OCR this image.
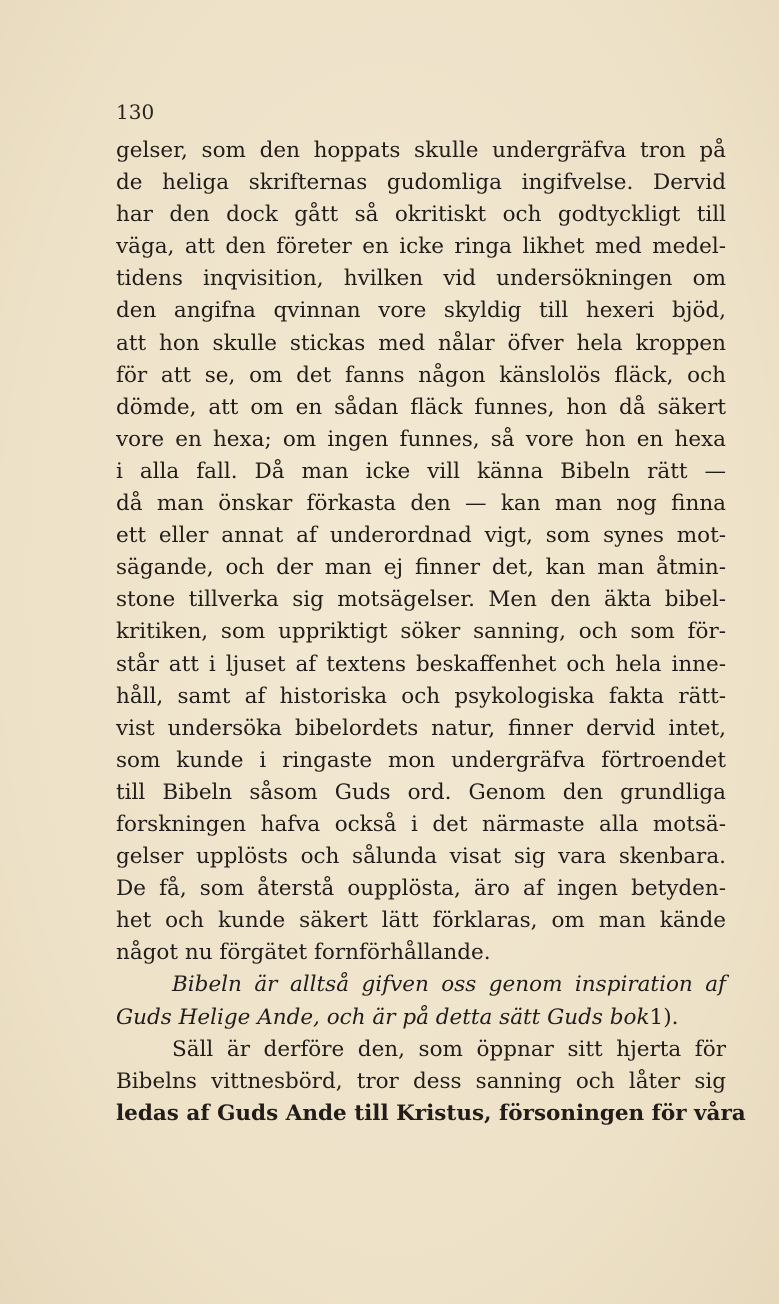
130
gelser, som den hoppats skulle undergräfva tron på
de heliga skrifternas gudomliga ingifvelse. Dervid
har den dock gått så okritiskt och godtyckligt till
väga, att den företer en icke ringa likhet med medel-
tidens inqvisition, hvilken vid undersökningen om
den angifna qvinnan vore skyldig till hexeri bjöd,
att hon skulle stickas med nålar öfver hela kroppen
för att se, om det fanns någon känslolös fläck, och
dömde, att om en sådan fläck funnes, hon då säkert
vore en hexa; om ingen funnes, så vore hon en hexa
i alla fall. Då man icke vill känna Bibeln rätt —
då man önskar förkasta den — kan man nog finna
ett eller annat af underordnad vigt, som synes mot-
sägande, och der man ej finner det, kan man åtmin-
stone tillverka sig motsägelser. Men den äkta bibel-
kritiken, som uppriktigt söker sanning, och som för-
står att i ljuset af textens beskaffenhet och hela inne-
håll, samt af historiska och psykologiska fakta rätt-
vist undersöka bibelordets natur, finner dervid intet,
som kunde i ringaste mon undergräfva förtroendet
till Bibeln såsom Guds ord. Genom den grundliga
forskningen hafva också i det närmaste alla motsä-
gelser upplösts och sålunda visat sig vara skenbara.
De få, som återstå oupplösta, äro af ingen betyden-
het och kunde säkert lätt förklaras, om man kände
något nu förgätet fornförhållande.
Bibeln är alltså gifven oss genom inspiration af
Guds Helige Ande, och är på detta sätt Guds bok1).
Säll är derföre den, som öppnar sitt hjerta för
Bibelns vittnesbörd, tror dess sanning och låter sig
ledas af Guds Ande till Kristus, försoningen för våra
